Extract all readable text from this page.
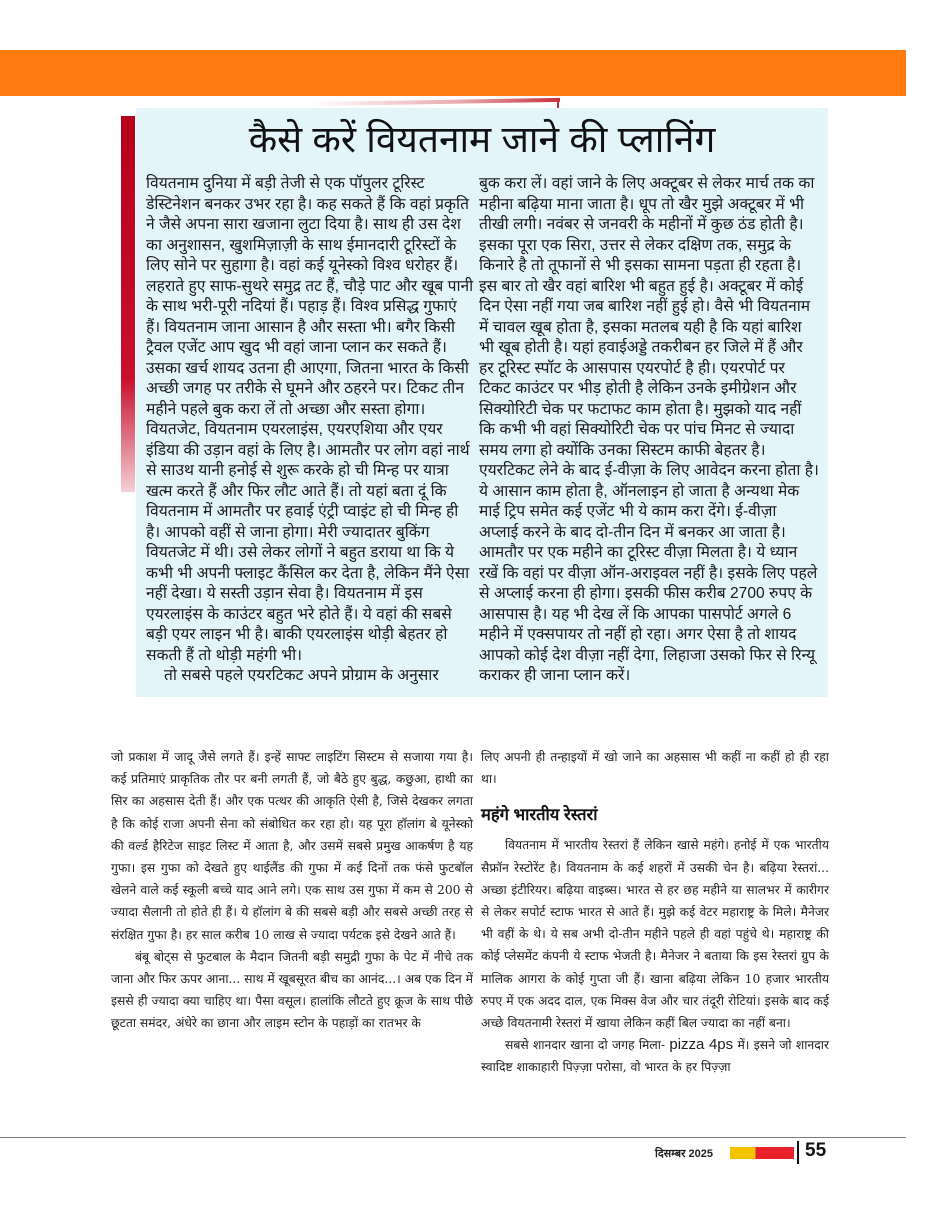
कैसे करें वियतनाम जाने की प्लानिंग

वियतनाम दुनिया में बड़ी तेजी से एक पॉपुलर टूरिस्ट डेस्टिनेशन बनकर उभर रहा है। कह सकते हैं कि वहां प्रकृति ने जैसे अपना सारा खजाना लुटा दिया है। साथ ही उस देश का अनुशासन, खुशमिज़ाज़ी के साथ ईमानदारी टूरिस्टों के लिए सोने पर सुहागा है। वहां कई यूनेस्को विश्व धरोहर हैं। लहराते हुए साफ-सुथरे समुद्र तट हैं, चौड़े पाट और खूब पानी के साथ भरी-पूरी नदियां हैं। पहाड़ हैं। विश्व प्रसिद्ध गुफाएं हैं। वियतनाम जाना आसान है और सस्ता भी। बगैर किसी ट्रैवल एजेंट आप खुद भी वहां जाना प्लान कर सकते हैं। उसका खर्च शायद उतना ही आएगा, जितना भारत के किसी अच्छी जगह पर तरीके से घूमने और ठहरने पर। टिकट तीन महीने पहले बुक करा लें तो अच्छा और सस्ता होगा। वियतजेट, वियतनाम एयरलाइंस, एयरएशिया और एयर इंडिया की उड़ान वहां के लिए है। आमतौर पर लोग वहां नार्थ से साउथ यानी हनोई से शुरू करके हो ची मिन्ह पर यात्रा खत्म करते हैं और फिर लौट आते हैं। तो यहां बता दूं कि वियतनाम में आमतौर पर हवाई एंट्री प्वाइंट हो ची मिन्ह ही है। आपको वहीं से जाना होगा। मेरी ज्यादातर बुकिंग वियतजेट में थी। उसे लेकर लोगों ने बहुत डराया था कि ये कभी भी अपनी फ्लाइट कैंसिल कर देता है, लेकिन मैंने ऐसा नहीं देखा। ये सस्ती उड़ान सेवा है। वियतनाम में इस एयरलाइंस के काउंटर बहुत भरे होते हैं। ये वहां की सबसे बड़ी एयर लाइन भी है। बाकी एयरलाइंस थोड़ी बेहतर हो सकती हैं तो थोड़ी महंगी भी।

तो सबसे पहले एयरटिकट अपने प्रोग्राम के अनुसार

बुक करा लें। वहां जाने के लिए अक्टूबर से लेकर मार्च तक का महीना बढ़िया माना जाता है। धूप तो खैर मुझे अक्टूबर में भी तीखी लगी। नवंबर से जनवरी के महीनों में कुछ ठंड होती है। इसका पूरा एक सिरा, उत्तर से लेकर दक्षिण तक, समुद्र के किनारे है तो तूफानों से भी इसका सामना पड़ता ही रहता है। इस बार तो खैर वहां बारिश भी बहुत हुई है। अक्टूबर में कोई दिन ऐसा नहीं गया जब बारिश नहीं हुई हो। वैसे भी वियतनाम में चावल खूब होता है, इसका मतलब यही है कि यहां बारिश भी खूब होती है। यहां हवाईअड्डे तकरीबन हर जिले में हैं और हर टूरिस्ट स्पॉट के आसपास एयरपोर्ट है ही। एयरपोर्ट पर टिकट काउंटर पर भीड़ होती है लेकिन उनके इमीग्रेशन और सिक्योरिटी चेक पर फटाफट काम होता है। मुझको याद नहीं कि कभी भी वहां सिक्योरिटी चेक पर पांच मिनट से ज्यादा समय लगा हो क्योंकि उनका सिस्टम काफी बेहतर है। एयरटिकट लेने के बाद ई-वीज़ा के लिए आवेदन करना होता है। ये आसान काम होता है, ऑनलाइन हो जाता है अन्यथा मेक माई ट्रिप समेत कई एजेंट भी ये काम करा देंगे। ई-वीज़ा अप्लाई करने के बाद दो-तीन दिन में बनकर आ जाता है। आमतौर पर एक महीने का टूरिस्ट वीज़ा मिलता है। ये ध्यान रखें कि वहां पर वीज़ा ऑन-अराइवल नहीं है। इसके लिए पहले से अप्लाई करना ही होगा। इसकी फीस करीब 2700 रुपए के आसपास है। यह भी देख लें कि आपका पासपोर्ट अगले 6 महीने में एक्सपायर तो नहीं हो रहा। अगर ऐसा है तो शायद आपको कोई देश वीज़ा नहीं देगा, लिहाजा उसको फिर से रिन्यू कराकर ही जाना प्लान करें।

जो प्रकाश में जादू जैसे लगते हैं। इन्हें साफ्ट लाइटिंग सिस्टम से सजाया गया है। कई प्रतिमाएं प्राकृतिक तौर पर बनी लगती हैं, जो बैठे हुए बुद्ध, कछुआ, हाथी का सिर का अहसास देती हैं। और एक पत्थर की आकृति ऐसी है, जिसे देखकर लगता है कि कोई राजा अपनी सेना को संबोधित कर रहा हो। यह पूरा हॉलांग बे यूनेस्को की वर्ल्ड हैरिटेज साइट लिस्ट में आता है, और उसमें सबसे प्रमुख आकर्षण है यह गुफा। इस गुफा को देखते हुए थाईलैंड की गुफा में कई दिनों तक फंसे फुटबॉल खेलने वाले कई स्कूली बच्चे याद आने लगे। एक साथ उस गुफा में कम से 200 से ज्यादा सैलानी तो होते ही हैं। ये हॉलांग बे की सबसे बड़ी और सबसे अच्छी तरह से संरक्षित गुफा है। हर साल करीब 10 लाख से ज्यादा पर्यटक इसे देखने आते हैं।

बंबू बोट्स से फुटबाल के मैदान जितनी बड़ी समुद्री गुफा के पेट में नीचे तक जाना और फिर ऊपर आना... साथ में खूबसूरत बीच का आनंद...। अब एक दिन में इससे ही ज्यादा क्या चाहिए था। पैसा वसूल। हालांकि लौटते हुए क्रूज के साथ पीछे छूटता समंदर, अंधेरे का छाना और लाइम स्टोन के पहाड़ों का रातभर के

लिए अपनी ही तन्हाइयों में खो जाने का अहसास भी कहीं ना कहीं हो ही रहा था।

महंगे भारतीय रेस्तरां

वियतनाम में भारतीय रेस्तरां हैं लेकिन खासे महंगे। हनोई में एक भारतीय सैफ्रॉन रेस्टोरेंट है। वियतनाम के कई शहरों में उसकी चेन है। बढ़िया रेस्तरां... अच्छा इंटीरियर। बढ़िया वाइब्स। भारत से हर छह महीने या सालभर में कारीगर से लेकर सपोर्ट स्टाफ भारत से आते हैं। मुझे कई वेटर महाराष्ट्र के मिले। मैनेजर भी वहीं के थे। ये सब अभी दो-तीन महीने पहले ही वहां पहुंचे थे। महाराष्ट्र की कोई प्लेसमेंट कंपनी ये स्टाफ भेजती है। मैनेजर ने बताया कि इस रेस्तरां ग्रुप के मालिक आगरा के कोई गुप्ता जी हैं। खाना बढ़िया लेकिन 10 हजार भारतीय रुपए में एक अदद दाल, एक मिक्स वेज और चार तंदूरी रोटियां। इसके बाद कई अच्छे वियतनामी रेस्तरां में खाया लेकिन कहीं बिल ज्यादा का नहीं बना।

सबसे शानदार खाना दो जगह मिला- pizza 4ps में। इसने जो शानदार स्वादिष्ट शाकाहारी पिज़्ज़ा परोसा, वो भारत के हर पिज़्ज़ा

दिसम्बर 2025	55
